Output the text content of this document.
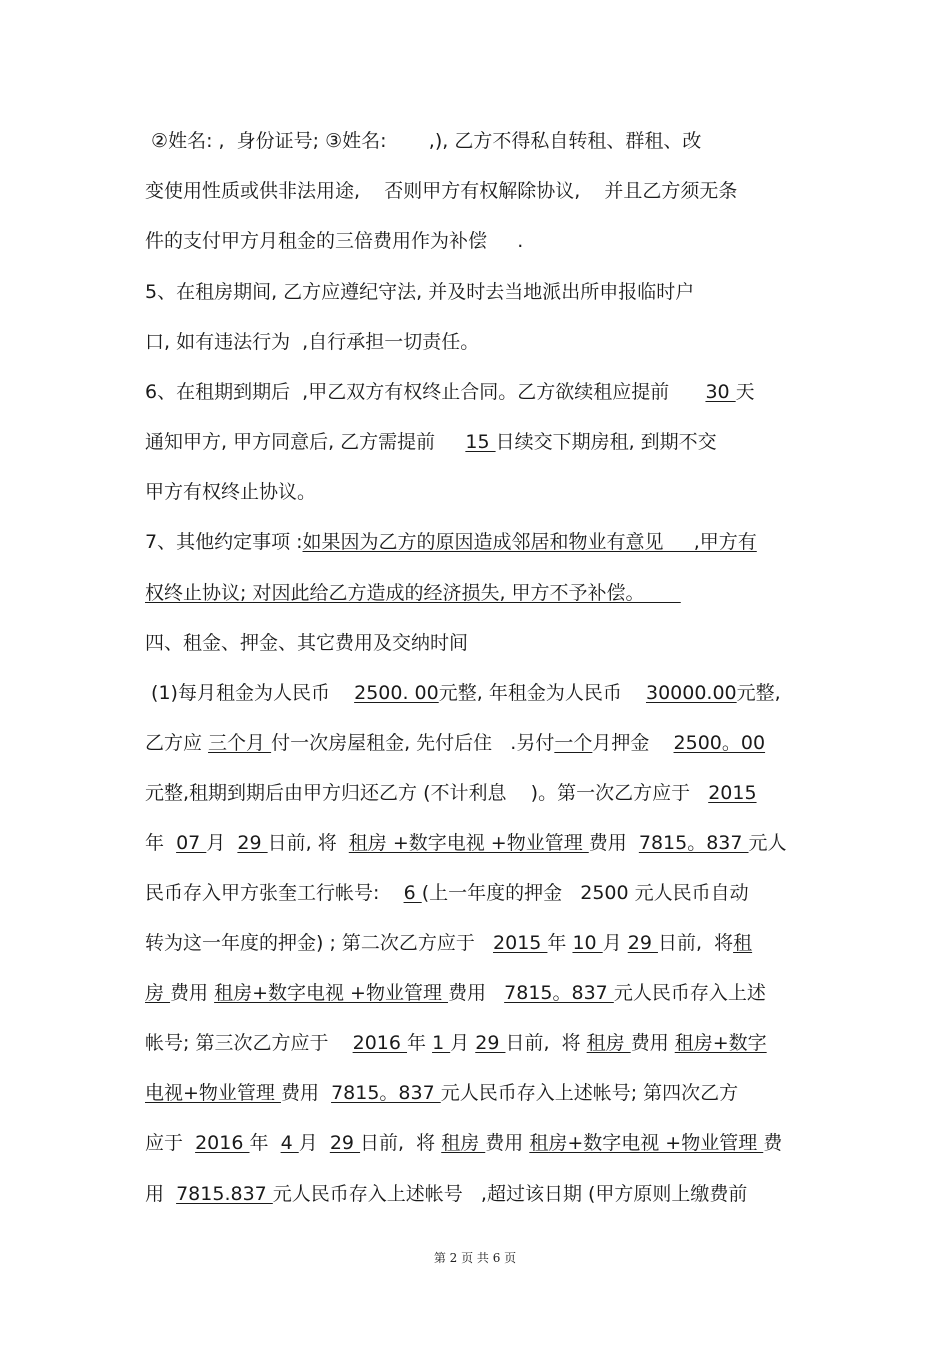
②姓名: ,  身份证号; ③姓名:       ,), 乙方不得私自转租、群租、改
变使用性质或供非法用途,    否则甲方有权解除协议,    并且乙方须无条
件的支付甲方月租金的三倍费用作为补偿     .
5、在租房期间, 乙方应遵纪守法, 并及时去当地派出所申报临时户
口, 如有违法行为  ,自行承担一切责任。
6、在租期到期后  ,甲乙双方有权终止合同。乙方欲续租应提前      30 天
通知甲方, 甲方同意后, 乙方需提前     15 日续交下期房租, 到期不交
甲方有权终止协议。
7、其他约定事项 :如果因为乙方的原因造成邻居和物业有意见     ,甲方有
权终止协议; 对因此给乙方造成的经济损失, 甲方不予补偿。
四、租金、押金、其它费用及交纳时间
(1)每月租金为人民币    2500. 00元整, 年租金为人民币    30000.00元整,
乙方应 三个月 付一次房屋租金, 先付后住   .另付一个月押金    2500。00
元整,租期到期后由甲方归还乙方 (不计利息    )。第一次乙方应于   2015
年  07 月  29 日前, 将  租房 +数字电视 +物业管理 费用  7815。837 元人
民币存入甲方张奎工行帐号:    6 (上一年度的押金   2500 元人民币自动
转为这一年度的押金) ; 第二次乙方应于   2015 年 10 月 29 日前,  将租
房 费用 租房+数字电视 +物业管理 费用   7815。837 元人民币存入上述
帐号; 第三次乙方应于    2016 年 1 月 29 日前,  将 租房 费用 租房+数字
电视+物业管理 费用  7815。837 元人民币存入上述帐号; 第四次乙方
应于  2016 年  4 月  29 日前,  将 租房 费用 租房+数字电视 +物业管理 费
用  7815.837 元人民币存入上述帐号   ,超过该日期 (甲方原则上缴费前
第 2 页 共 6 页
